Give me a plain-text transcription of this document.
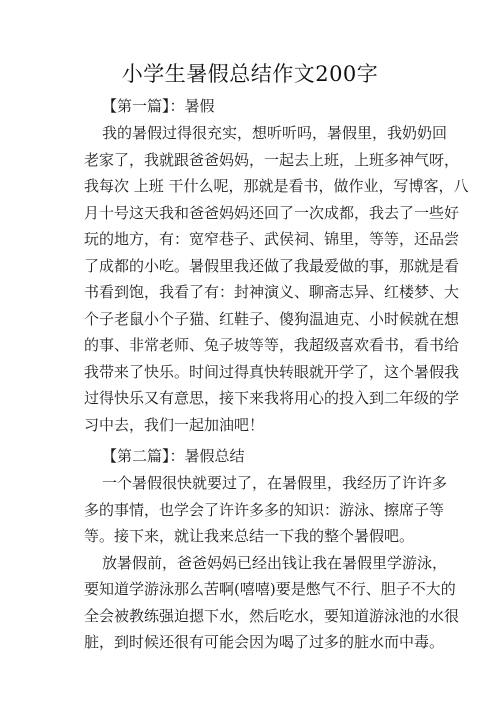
小学生暑假总结作文200字
【第一篇】：暑假
我的暑假过得很充实，想听听吗，暑假里，我奶奶回
老家了，我就跟爸爸妈妈，一起去上班，上班多神气呀，
我每次 上班 干什么呢，那就是看书，做作业，写博客，八
月十号这天我和爸爸妈妈还回了一次成都，我去了一些好
玩的地方，有：宽窄巷子、武侯祠、锦里，等等，还品尝
了成都的小吃。暑假里我还做了我最爱做的事，那就是看
书看到饱，我看了有：封神演义、聊斋志异、红楼梦、大
个子老鼠小个子猫、红鞋子、傻狗温迪克、小时候就在想
的事、非常老师、兔子坡等等，我超级喜欢看书，看书给
我带来了快乐。时间过得真快转眼就开学了，这个暑假我
过得快乐又有意思，接下来我将用心的投入到二年级的学
习中去，我们一起加油吧！
【第二篇】：暑假总结
一个暑假很快就要过了，在暑假里，我经历了许许多
多的事情，也学会了许许多多的知识：游泳、擦席子等
等。接下来，就让我来总结一下我的整个暑假吧。
放暑假前，爸爸妈妈已经出钱让我在暑假里学游泳，
要知道学游泳那么苦啊(嘻嘻)要是憋气不行、胆子不大的
全会被教练强迫摁下水，然后吃水，要知道游泳池的水很
脏，到时候还很有可能会因为喝了过多的脏水而中毒。
